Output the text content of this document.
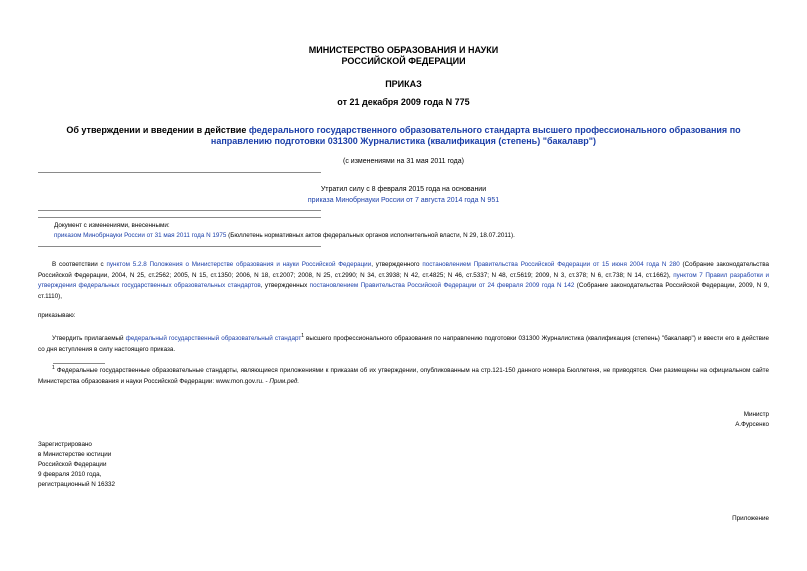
МИНИСТЕРСТВО ОБРАЗОВАНИЯ И НАУКИ
РОССИЙСКОЙ ФЕДЕРАЦИИ
ПРИКАЗ
от 21 декабря 2009 года N 775
Об утверждении и введении в действие федерального государственного образовательного стандарта высшего профессионального образования по направлению подготовки 031300 Журналистика (квалификация (степень) "бакалавр")
(с изменениями на 31 мая 2011 года)
Утратил силу с 8 февраля 2015 года на основании
приказа Минобрнауки России от 7 августа 2014 года N 951
Документ с изменениями, внесенными:
приказом Минобрнауки России от 31 мая 2011 года N 1975 (Бюллетень нормативных актов федеральных органов исполнительной власти, N 29, 18.07.2011).
В соответствии с пунктом 5.2.8 Положения о Министерстве образования и науки Российской Федерации, утвержденного постановлением Правительства Российской Федерации от 15 июня 2004 года N 280 (Собрание законодательства Российской Федерации, 2004, N 25, ст.2562; 2005, N 15, ст.1350; 2006, N 18, ст.2007; 2008, N 25, ст.2990; N 34, ст.3938; N 42, ст.4825; N 46, ст.5337; N 48, ст.5619; 2009, N 3, ст.378; N 6, ст.738; N 14, ст.1662), пунктом 7 Правил разработки и утверждения федеральных государственных образовательных стандартов, утвержденных постановлением Правительства Российской Федерации от 24 февраля 2009 года N 142 (Собрание законодательства Российской Федерации, 2009, N 9, ст.1110),
приказываю:
Утвердить прилагаемый федеральный государственный образовательный стандарт$^1$ высшего профессионального образования по направлению подготовки 031300 Журналистика (квалификация (степень) "бакалавр") и ввести его в действие со дня вступления в силу настоящего приказа.
$^1$ Федеральные государственные образовательные стандарты, являющиеся приложениями к приказам об их утверждении, опубликованным на стр.121-150 данного номера Бюллетеня, не приводятся. Они размещены на официальном сайте Министерства образования и науки Российской Федерации: www.mon.gov.ru. - Прим.ред.
Министр
А.Фурсенко
Зарегистрировано
в Министерстве юстиции
Российской Федерации
9 февраля 2010 года,
регистрационный N 16332
Приложение
